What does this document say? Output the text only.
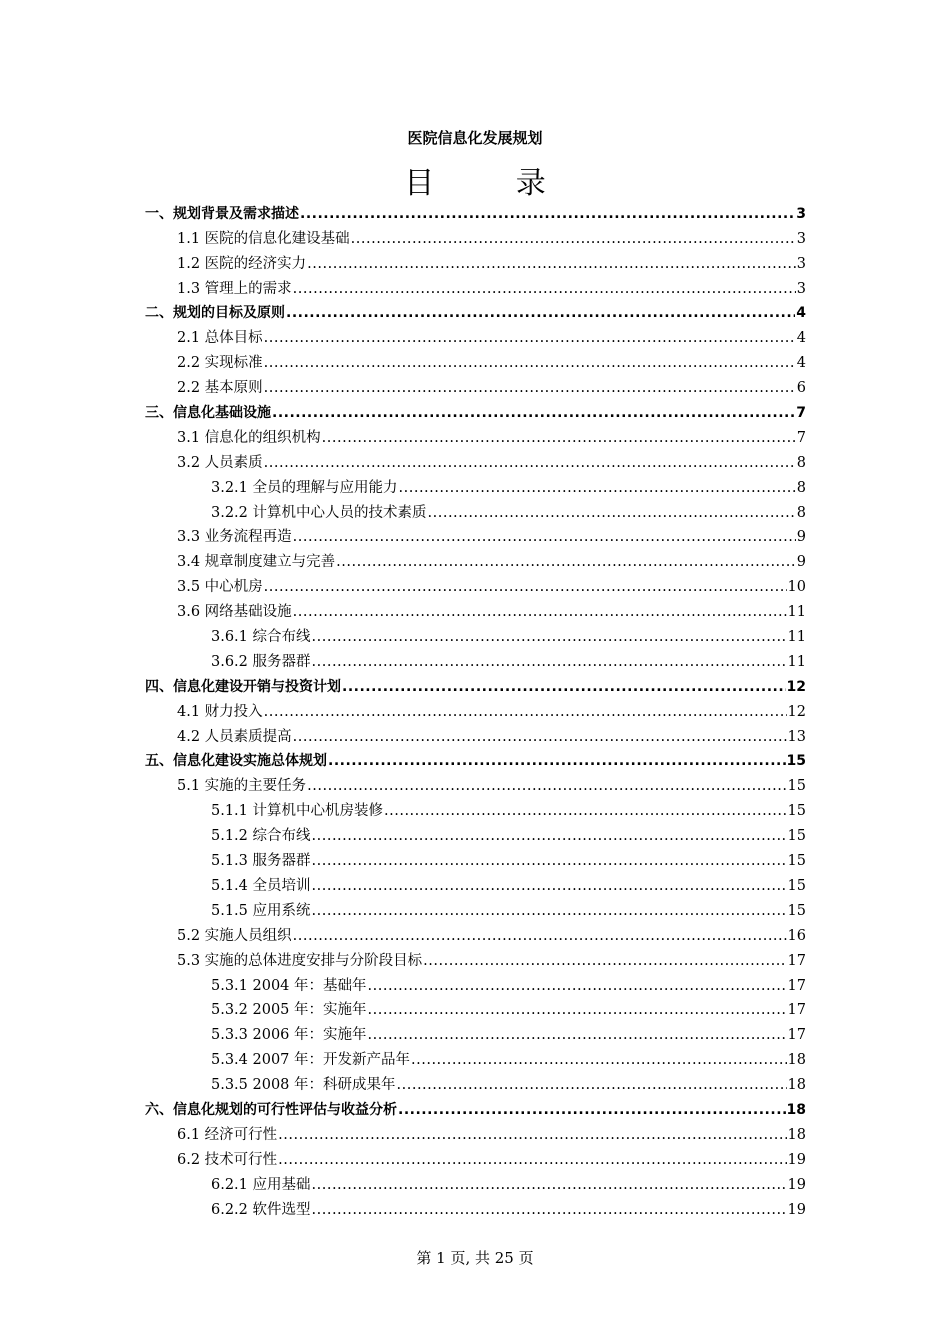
医院信息化发展规划
目 录
一、规划背景及需求描述 .....	3
1.1 医院的信息化建设基础 .....	3
1.2 医院的经济实力 .....	3
1.3 管理上的需求 .....	3
二、规划的目标及原则 .....	4
2.1 总体目标 .....	4
2.2 实现标准 .....	4
2.2 基本原则 .....	6
三、信息化基础设施 .....	7
3.1 信息化的组织机构 .....	7
3.2 人员素质 .....	8
3.2.1 全员的理解与应用能力 .....	8
3.2.2 计算机中心人员的技术素质 .....	8
3.3 业务流程再造 .....	9
3.4 规章制度建立与完善 .....	9
3.5 中心机房 .....	10
3.6 网络基础设施 .....	11
3.6.1 综合布线 .....	11
3.6.2 服务器群 .....	11
四、信息化建设开销与投资计划 .....	12
4.1 财力投入 .....	12
4.2 人员素质提高 .....	13
五、信息化建设实施总体规划 .....	15
5.1 实施的主要任务 .....	15
5.1.1 计算机中心机房装修 .....	15
5.1.2 综合布线 .....	15
5.1.3 服务器群 .....	15
5.1.4 全员培训 .....	15
5.1.5 应用系统 .....	15
5.2 实施人员组织 .....	16
5.3 实施的总体进度安排与分阶段目标 .....	17
5.3.1 2004 年：基础年 .....	17
5.3.2 2005 年：实施年 .....	17
5.3.3 2006 年：实施年 .....	17
5.3.4 2007 年：开发新产品年 .....	18
5.3.5 2008 年：科研成果年 .....	18
六、信息化规划的可行性评估与收益分析 .....	18
6.1 经济可行性 .....	18
6.2 技术可行性 .....	19
6.2.1 应用基础 .....	19
6.2.2 软件选型 .....	19
第 1 页, 共 25 页
